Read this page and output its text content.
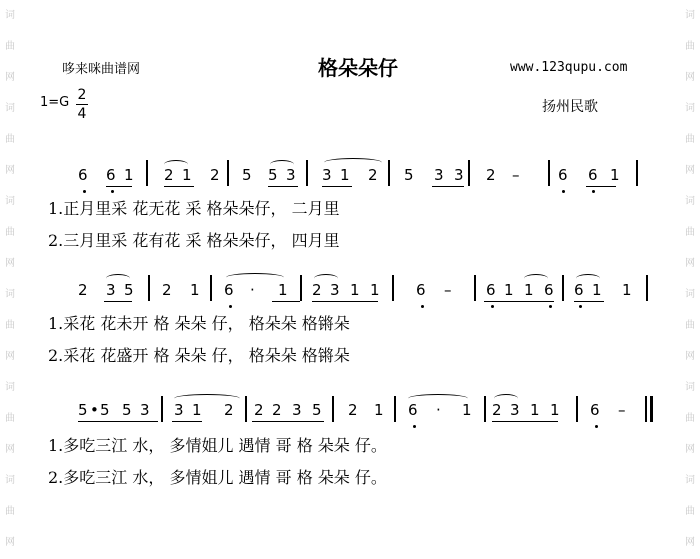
词
曲
网
词
曲
网
词
曲
网
词
曲
网
词
曲
网
词
曲
网
词
曲
网
词
曲
网
词
曲
网
词
曲
网
词
曲
网
词
曲
网
哆来咪曲谱网	格朵朵仔	www.123qupu.com
1=G 2
4	扬州民歌
6 6 1 2 1 2 5 5 3 3 1 2 5 3 3 2 –	6 6 1
1.正月里采 花无花 采 格朵朵仔， 二月里
2.三月里采 花有花 采 格朵朵仔， 四月里
2 3 5 2 1 6 · 1 2 3 1 1 6 – 6 1 1 6 6 1 1
1.采花 花未开 格 朵朵 仔， 格朵朵 格锵朵
2.采花 花盛开 格 朵朵 仔， 格朵朵 格锵朵
5 • 5 5 3 3 1 2 2 2 3 5 2 1 6 · 1 2 3 1 1 6 –
1.多吃三江 水， 多情姐儿 遇情 哥 格 朵朵 仔。
2.多吃三江 水， 多情姐儿 遇情 哥 格 朵朵 仔。
